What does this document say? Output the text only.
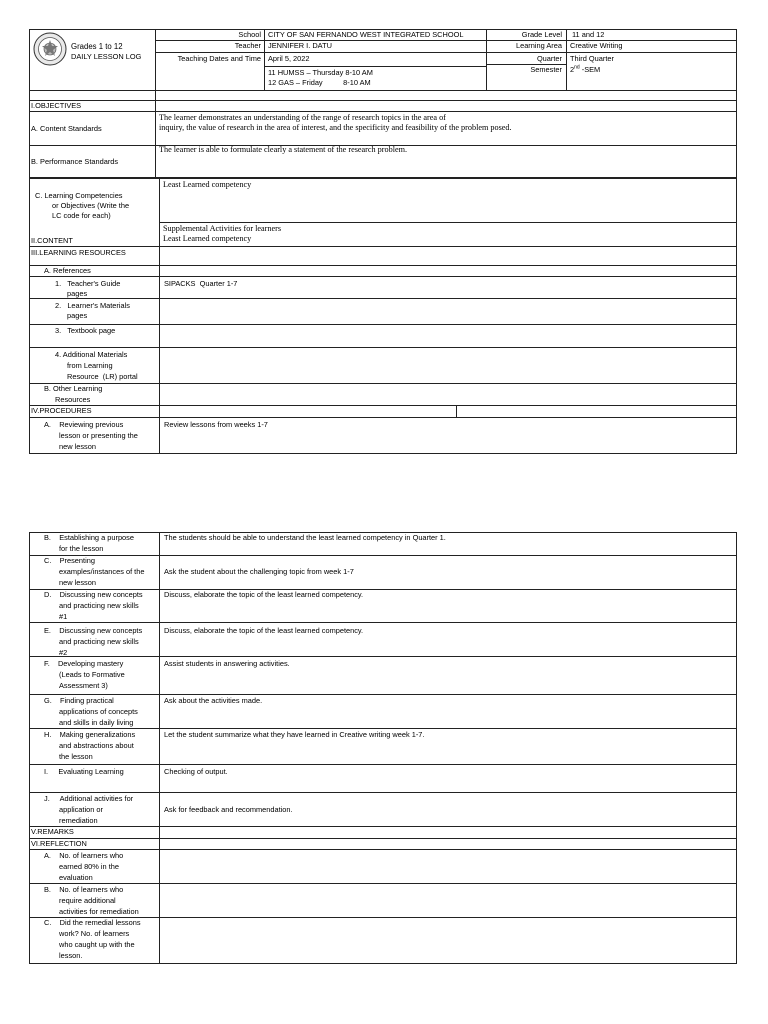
Grades 1 to 12
DAILY LESSON LOG
School CITY OF SAN FERNANDO WEST INTEGRATED SCHOOL
Teacher JENNIFER I. DATU
Teaching Dates and Time April 5, 2022
11 HUMSS – Thursday 8-10 AM
12 GAS – Friday          8-10 AM
Grade Level 11 and 12
Learning Area Creative Writing
Quarter Third Quarter
Semester 2nd -SEM
I.OBJECTIVES
A. Content Standards
The learner demonstrates an understanding of the range of research topics in the area of
inquiry, the value of research in the area of interest, and the specificity and feasibility of the problem posed.
B. Performance Standards
The learner is able to formulate clearly a statement of the research problem.
C. Learning Competencies
or Objectives (Write the
LC code for each)
Least Learned competency
II.CONTENT
Supplemental Activities for learners
Least Learned competency
III.LEARNING RESOURCES
A. References
1.   Teacher's Guide
pages
SIPACKS  Quarter 1-7
2.   Learner's Materials
pages
3.   Textbook page
4. Additional Materials
from Learning
Resource  (LR) portal
B. Other Learning
Resources
IV.PROCEDURES
A.    Reviewing previous
lesson or presenting the
new lesson
Review lessons from weeks 1-7
B.    Establishing a purpose
for the lesson
The students should be able to understand the least learned competency in Quarter 1.
C.    Presenting
examples/instances of the
new lesson
Ask the student about the challenging topic from week 1-7
D.    Discussing new concepts
and practicing new skills
#1
Discuss, elaborate the topic of the least learned competency.
E.    Discussing new concepts
and practicing new skills
#2
Discuss, elaborate the topic of the least learned competency.
F.    Developing mastery
(Leads to Formative
Assessment 3)
Assist students in answering activities.
G.    Finding practical
applications of concepts
and skills in daily living
Ask about the activities made.
H.    Making generalizations
and abstractions about
the lesson
Let the student summarize what they have learned in Creative writing week 1-7.
I.     Evaluating Learning	Checking of output.
J.     Additional activities for
application or
remediation
Ask for feedback and recommendation.
V.REMARKS
VI.REFLECTION
A.    No. of learners who
earned 80% in the
evaluation
B.    No. of learners who
require additional
activities for remediation
C.    Did the remedial lessons
work? No. of learners
who caught up with the
lesson.
